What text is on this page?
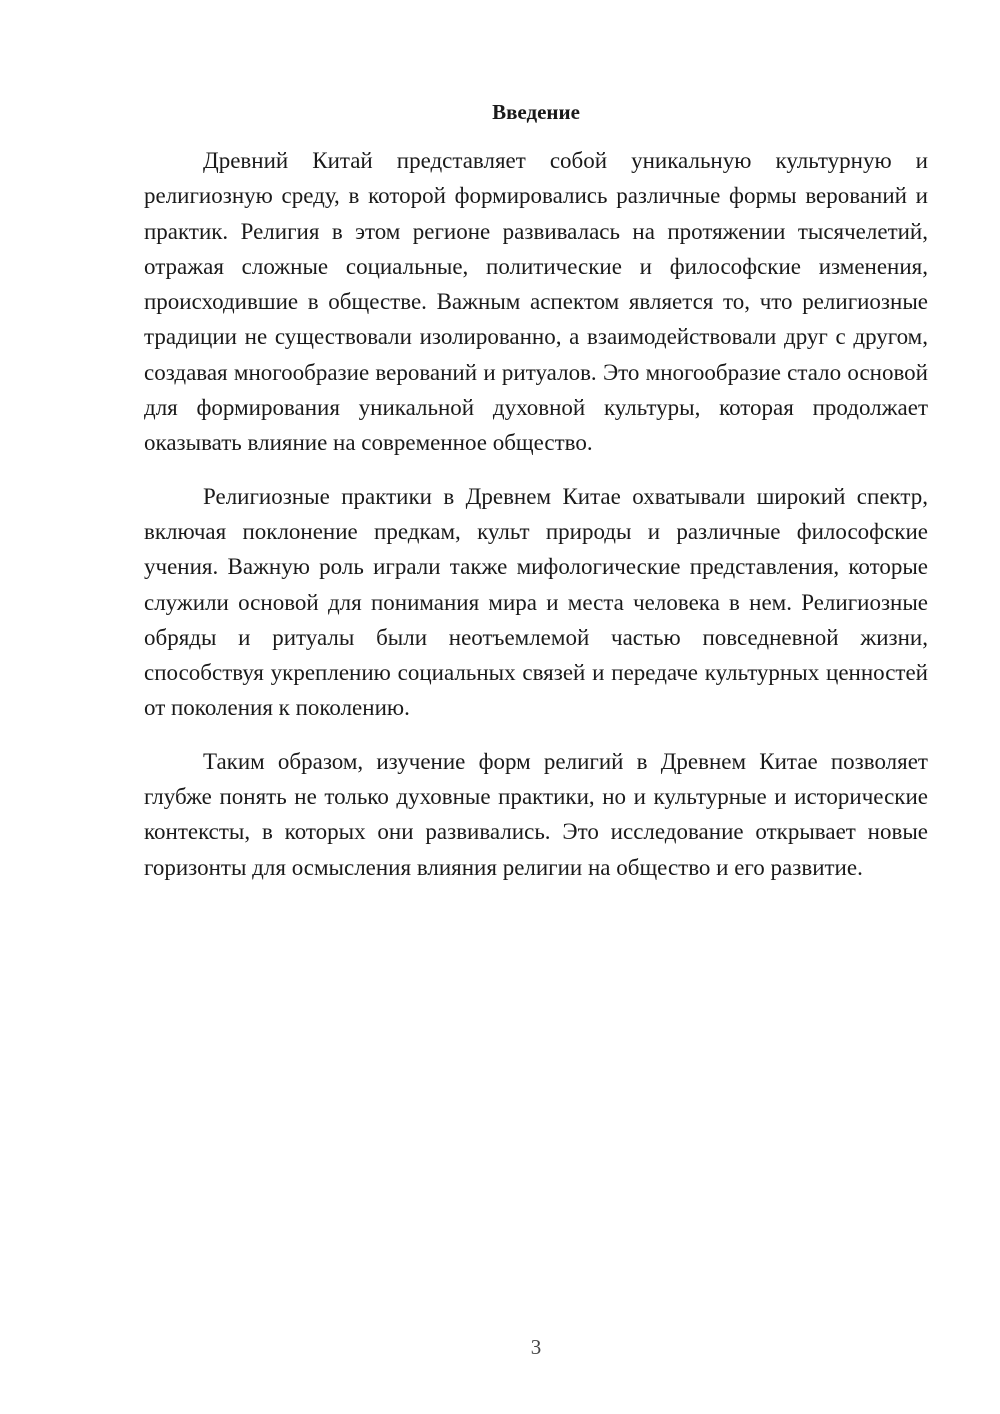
Введение

Древний Китай представляет собой уникальную культурную и религиозную среду, в которой формировались различные формы верований и практик. Религия в этом регионе развивалась на протяжении тысячелетий, отражая сложные социальные, политические и философские изменения, происходившие в обществе. Важным аспектом является то, что религиозные традиции не существовали изолированно, а взаимодействовали друг с другом, создавая многообразие верований и ритуалов. Это многообразие стало основой для формирования уникальной духовной культуры, которая продолжает оказывать влияние на современное общество.

Религиозные практики в Древнем Китае охватывали широкий спектр, включая поклонение предкам, культ природы и различные философские учения. Важную роль играли также мифологические представления, которые служили основой для понимания мира и места человека в нем. Религиозные обряды и ритуалы были неотъемлемой частью повседневной жизни, способствуя укреплению социальных связей и передаче культурных ценностей от поколения к поколению.

Таким образом, изучение форм религий в Древнем Китае позволяет глубже понять не только духовные практики, но и культурные и исторические контексты, в которых они развивались. Это исследование открывает новые горизонты для осмысления влияния религии на общество и его развитие.

3
